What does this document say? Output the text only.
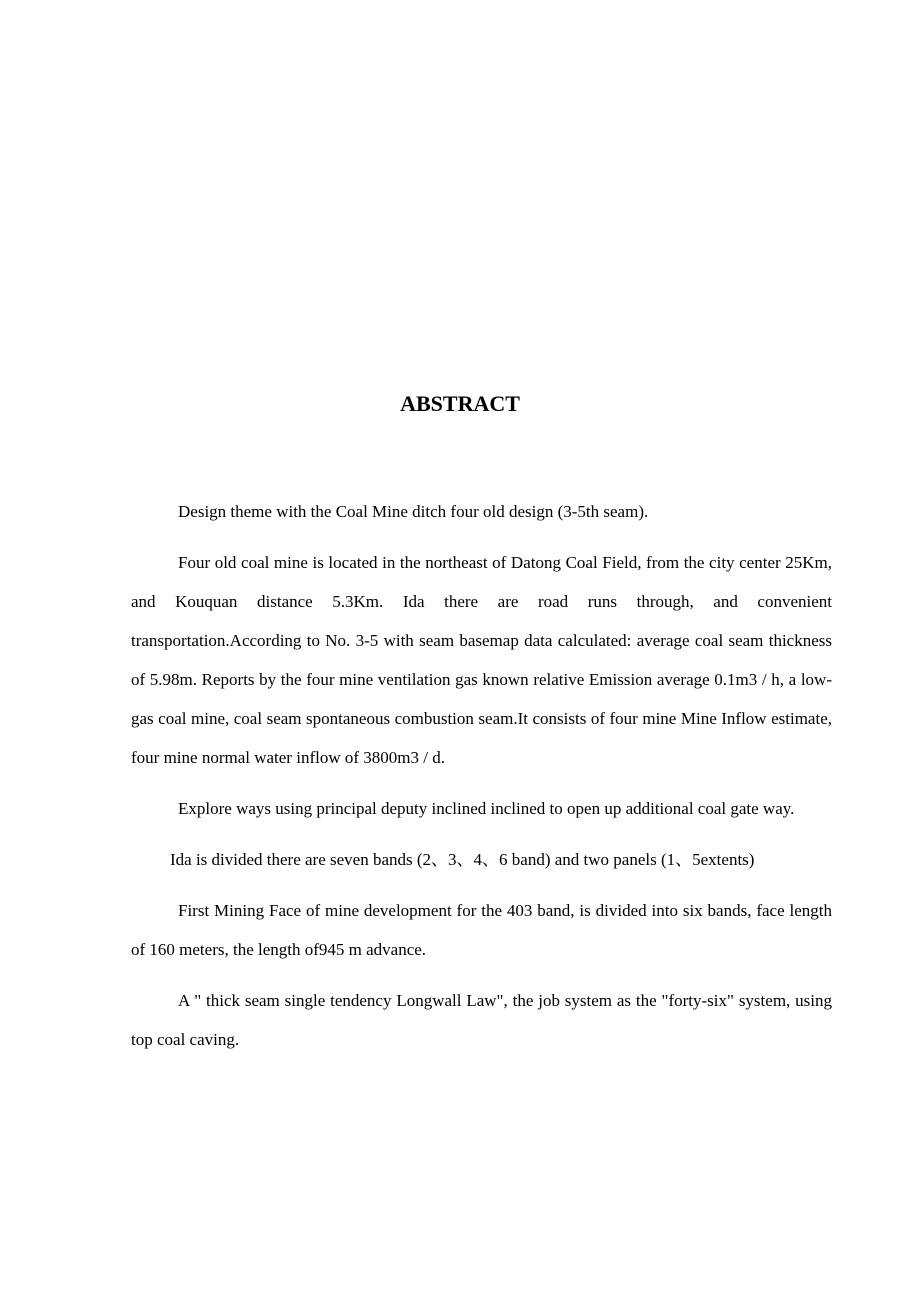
ABSTRACT

Design theme with the Coal Mine ditch four old design (3-5th seam).

Four old coal mine is located in the northeast of Datong Coal Field, from the city center 25Km, and Kouquan distance 5.3Km. Ida there are road runs through, and convenient transportation.According to No. 3-5 with seam basemap data calculated: average coal seam thickness of 5.98m. Reports by the four mine ventilation gas known relative Emission average 0.1m3 / h, a low-gas coal mine, coal seam spontaneous combustion seam.It consists of four mine Mine Inflow estimate, four mine normal water inflow of 3800m3 / d.

Explore ways using principal deputy inclined inclined to open up additional coal gate way.

Ida is divided there are seven bands (2、3、4、6 band) and two panels (1、5extents)

First Mining Face of mine development for the 403 band, is divided into six bands, face length of 160 meters, the length of945 m advance.

A " thick seam single tendency Longwall Law", the job system as the "forty-six" system, using top coal caving.
